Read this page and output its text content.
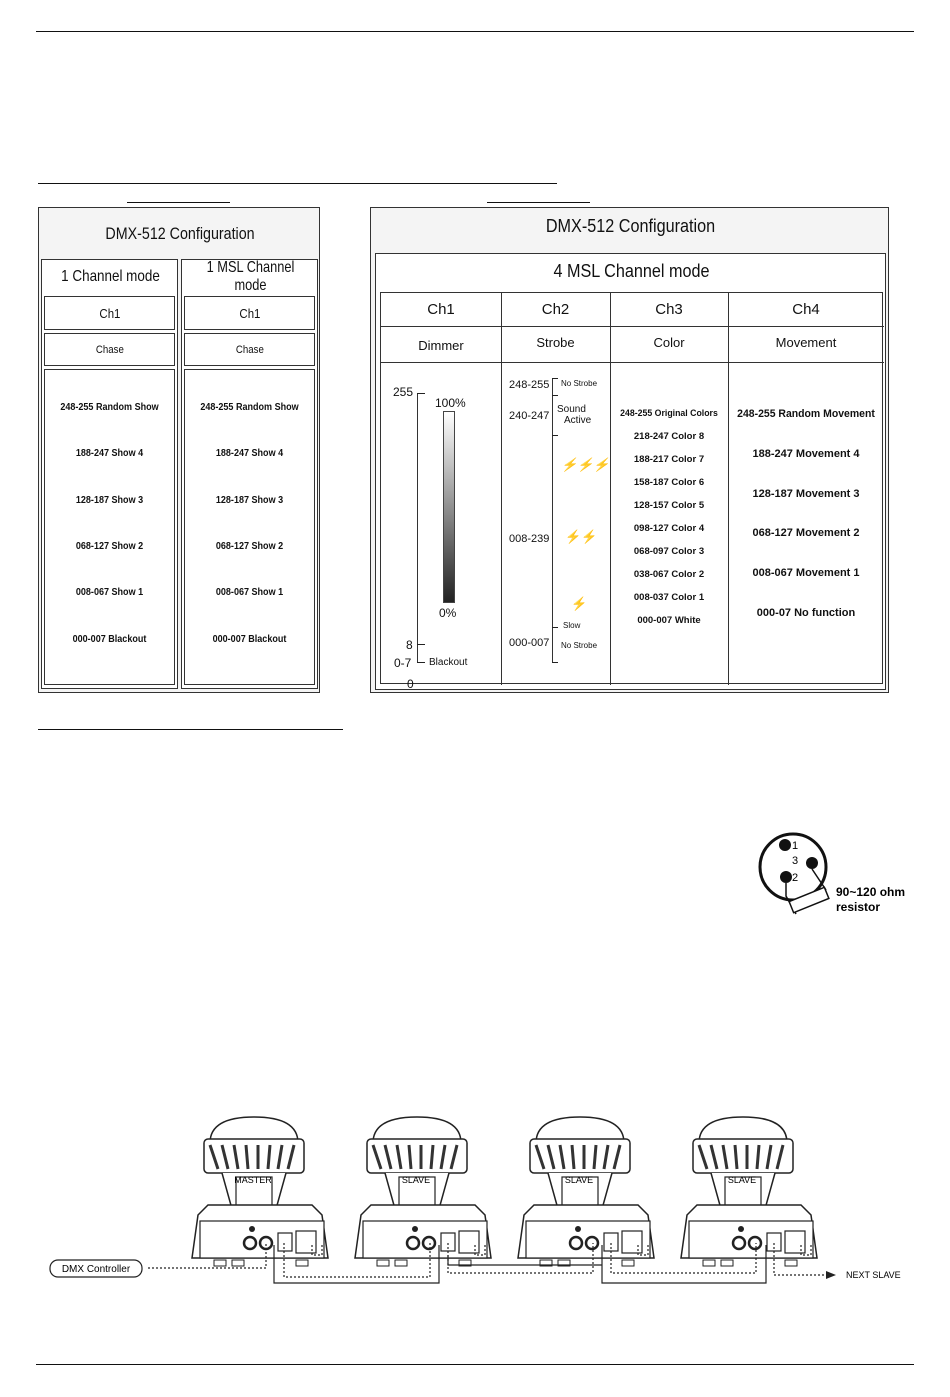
DMX-512 Configuration
1 Channel mode
Ch1
Chase
248-255 Random Show
188-247 Show 4
128-187 Show 3
068-127 Show 2
008-067 Show 1
000-007 Blackout
1 MSL Channel mode
Ch1
Chase
248-255 Random Show
188-247 Show 4
128-187 Show 3
068-127 Show 2
008-067 Show 1
000-007 Blackout
DMX-512 Configuration
4 MSL Channel mode
Ch1	Ch2	Ch3	Ch4
Dimmer	Strobe	Color	Movement
255
100%
0%
8
0-7 Blackout
0
248-255 No Strobe
240-247
Sound
Active
⚡⚡⚡
008-239 ⚡⚡
⚡
Slow
000-007 No Strobe
248-255 Original Colors
218-247 Color 8
188-217 Color 7
158-187 Color 6
128-157 Color 5
098-127 Color 4
068-097 Color 3
038-067 Color 2
008-037 Color 1
000-007 White
248-255 Random Movement
188-247 Movement 4
128-187 Movement 3
068-127 Movement 2
008-067 Movement 1
000-07 No function
1
3
2
90~120 ohm
resistor
MASTER	SLAVE	SLAVE	SLAVE
DMX Controller	NEXT SLAVE
